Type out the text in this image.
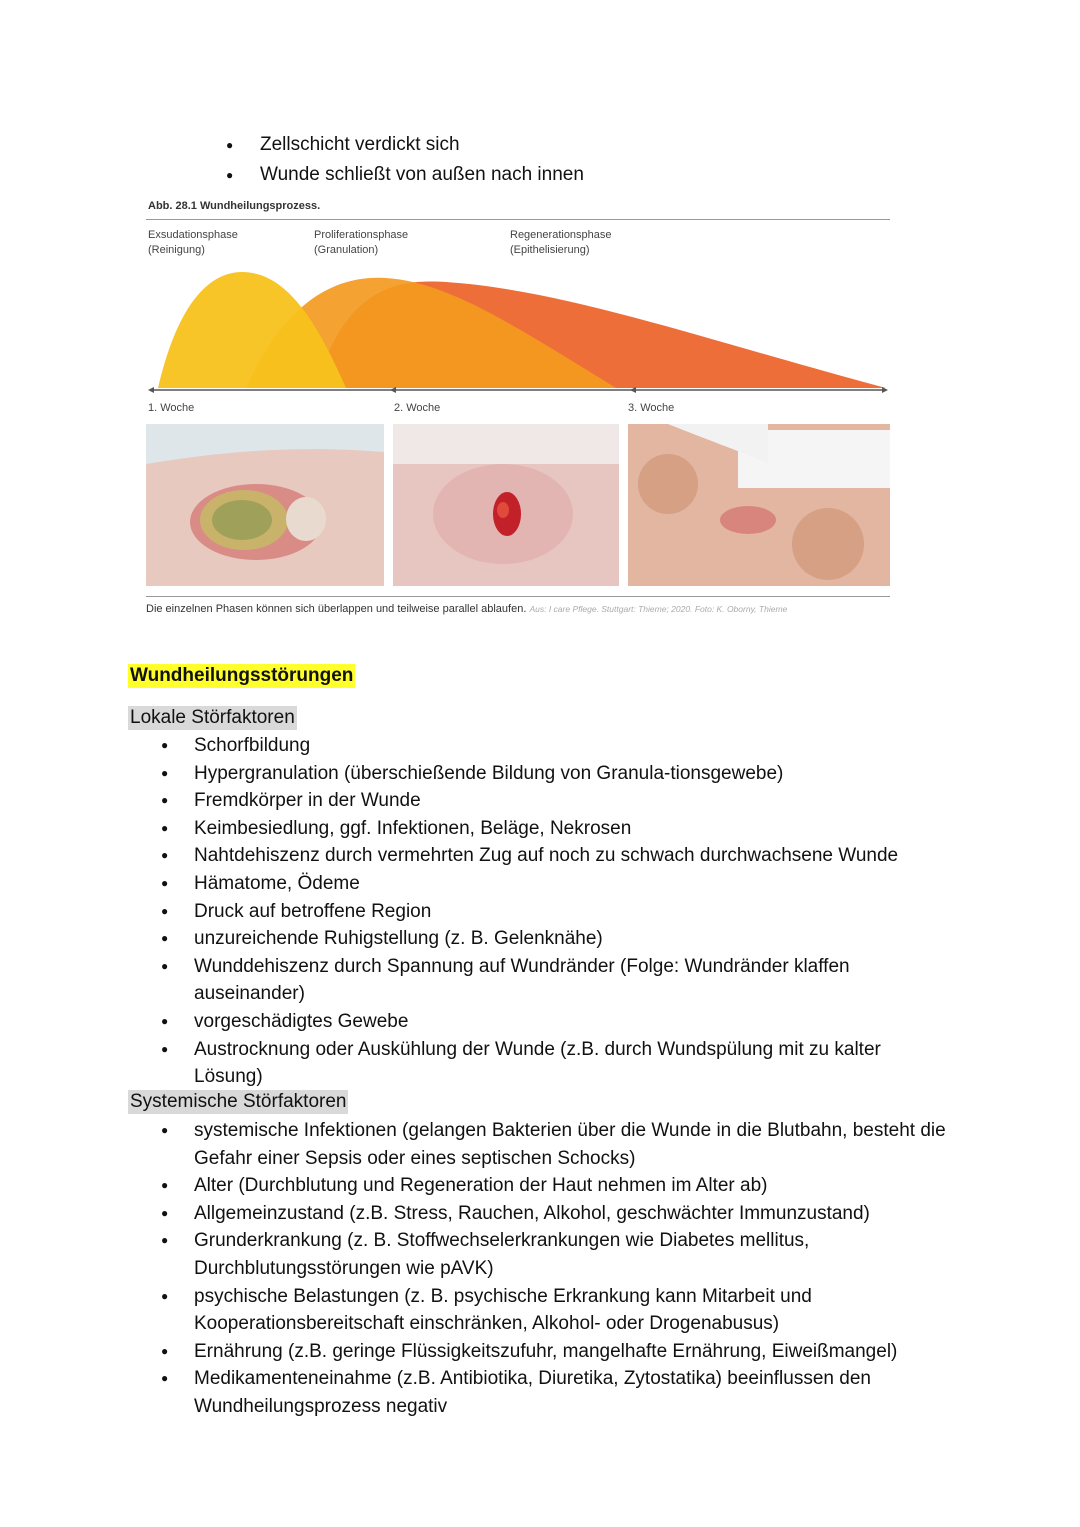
● Zellschicht verdickt sich
● Wunde schließt von außen nach innen
Abb. 28.1 Wundheilungsprozess.
Exsudationsphase
(Reinigung)
Proliferationsphase
(Granulation)
Regenerationsphase
(Epithelisierung)
1. Woche	2. Woche	3. Woche
Die einzelnen Phasen können sich überlappen und teilweise parallel ablaufen. Aus: I care Pflege. Stuttgart: Thieme; 2020. Foto: K. Oborny, Thieme
Wundheilungsstörungen
Lokale Störfaktoren
● Schorfbildung
● Hypergranulation (überschießende Bildung von Granula-tionsgewebe)
● Fremdkörper in der Wunde
● Keimbesiedlung, ggf. Infektionen, Beläge, Nekrosen
● Nahtdehiszenz durch vermehrten Zug auf noch zu schwach durchwachsene Wunde
● Hämatome, Ödeme
● Druck auf betroffene Region
● unzureichende Ruhigstellung (z. B. Gelenknähe)
● Wunddehiszenz durch Spannung auf Wundränder (Folge: Wundränder klaffen auseinander)
● vorgeschädigtes Gewebe
● Austrocknung oder Auskühlung der Wunde (z.B. durch Wundspülung mit zu kalter Lösung)
Systemische Störfaktoren
● systemische Infektionen (gelangen Bakterien über die Wunde in die Blutbahn, besteht die Gefahr einer Sepsis oder eines septischen Schocks)
● Alter (Durchblutung und Regeneration der Haut nehmen im Alter ab)
● Allgemeinzustand (z.B. Stress, Rauchen, Alkohol, geschwächter Immunzustand)
● Grunderkrankung (z. B. Stoffwechselerkrankungen wie Diabetes mellitus, Durchblutungsstörungen wie pAVK)
● psychische Belastungen (z. B. psychische Erkrankung kann Mitarbeit und Kooperationsbereitschaft einschränken, Alkohol- oder Drogenabusus)
● Ernährung (z.B. geringe Flüssigkeitszufuhr, mangelhafte Ernährung, Eiweißmangel)
● Medikamenteneinahme (z.B. Antibiotika, Diuretika, Zytostatika) beeinflussen den Wundheilungsprozess negativ
